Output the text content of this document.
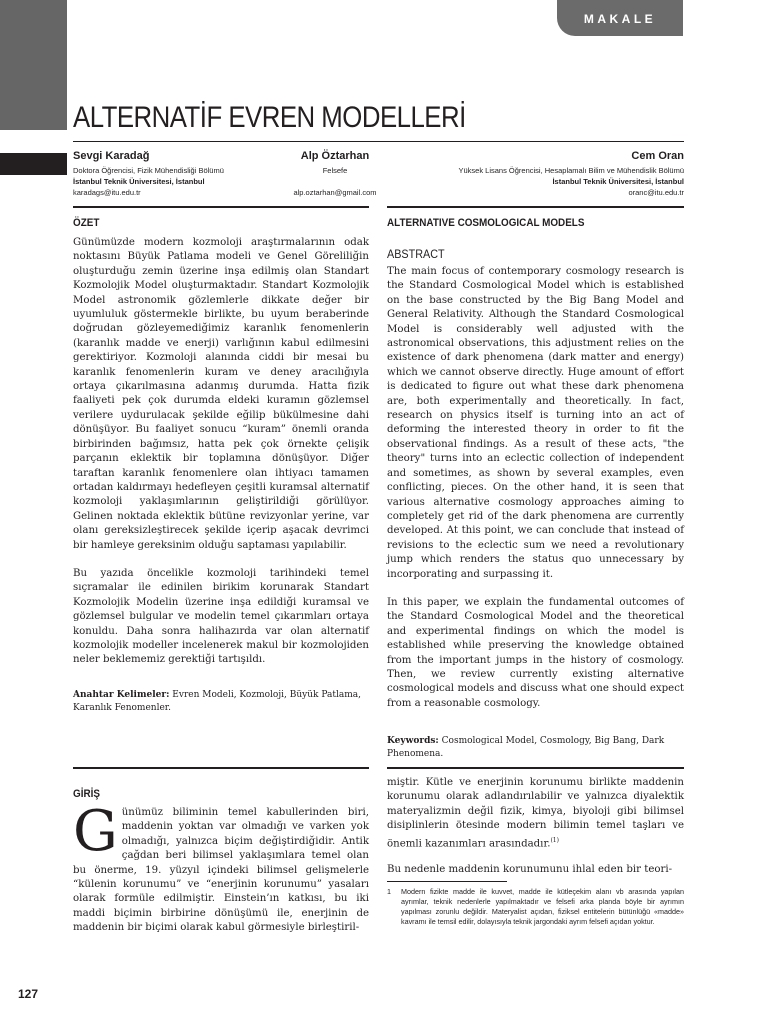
MAKALE
ALTERNATİF EVREN MODELLERİ
Sevgi Karadağ
Doktora Öğrencisi, Fizik Mühendisliği Bölümü
İstanbul Teknik Üniversitesi, İstanbul
karadags@itu.edu.tr
Alp Öztarhan
Felsefe
alp.oztarhan@gmail.com
Cem Oran
Yüksek Lisans Öğrencisi, Hesaplamalı Bilim ve Mühendislik Bölümü
İstanbul Teknik Üniversitesi, İstanbul
oranc@itu.edu.tr
ÖZET

Günümüzde modern kozmoloji araştırmalarının odak noktasını Büyük Patlama modeli ve Genel Göreliliğin oluşturduğu zemin üzerine inşa edilmiş olan Standart Kozmolojik Model oluşturmaktadır. Standart Kozmolojik Model astronomik gözlemlerle dikkate değer bir uyumluluk göstermekle birlikte, bu uyum beraberinde doğrudan gözleyemediğimiz karanlık fenomenlerin (karanlık madde ve enerji) varlığının kabul edilmesini gerektiriyor. Kozmoloji alanında ciddi bir mesai bu karanlık fenomenlerin kuram ve deney aracılığıyla ortaya çıkarılmasına adanmış durumda. Hatta fizik faaliyeti pek çok durumda eldeki kuramın gözlemsel verilere uydurulacak şekilde eğilip bükülmesine dahi dönüşüyor. Bu faaliyet sonucu “kuram” önemli oranda birbirinden bağımsız, hatta pek çok örnekte çelişik parçanın eklektik bir toplamına dönüşüyor. Diğer taraftan karanlık fenomenlere olan ihtiyacı tamamen ortadan kaldırmayı hedefleyen çeşitli kuramsal alternatif kozmoloji yaklaşımlarının geliştirildiği görülüyor. Gelinen noktada eklektik bütüne revizyonlar yerine, var olanı gereksizleştirecek şekilde içerip aşacak devrimci bir hamleye gereksinim olduğu saptaması yapılabilir.

Bu yazıda öncelikle kozmoloji tarihindeki temel sıçramalar ile edinilen birikim korunarak Standart Kozmolojik Modelin üzerine inşa edildiği kuramsal ve gözlemsel bulgular ve modelin temel çıkarımları ortaya konuldu. Daha sonra halihazırda var olan alternatif kozmolojik modeller incelenerek makul bir kozmolojiden neler beklememiz gerektiği tartışıldı.

Anahtar Kelimeler: Evren Modeli, Kozmoloji, Büyük Patlama, Karanlık Fenomenler.
ALTERNATIVE COSMOLOGICAL MODELS
ABSTRACT

The main focus of contemporary cosmology research is the Standard Cosmological Model which is established on the base constructed by the Big Bang Model and General Relativity. Although the Standard Cosmological Model is considerably well adjusted with the astronomical observations, this adjustment relies on the existence of dark phenomena (dark matter and energy) which we cannot observe directly. Huge amount of effort is dedicated to figure out what these dark phenomena are, both experimentally and theoretically. In fact, research on physics itself is turning into an act of deforming the interested theory in order to fit the observational findings. As a result of these acts, "the theory" turns into an eclectic collection of independent and sometimes, as shown by several examples, even conflicting, pieces. On the other hand, it is seen that various alternative cosmology approaches aiming to completely get rid of the dark phenomena are currently developed. At this point, we can conclude that instead of revisions to the eclectic sum we need a revolutionary jump which renders the status quo unnecessary by incorporating and surpassing it.

In this paper, we explain the fundamental outcomes of the Standard Cosmological Model and the theoretical and experimental findings on which the model is established while preserving the knowledge obtained from the important jumps in the history of cosmology. Then, we review currently existing alternative cosmological models and discuss what one should expect from a reasonable cosmology.

Keywords: Cosmological Model, Cosmology, Big Bang, Dark Phenomena.
GİRİŞ

Günümüz biliminin temel kabullerinden biri, maddenin yoktan var olmadığı ve varken yok olmadığı, yalnızca biçim değiştirdiğidir. Antik çağdan beri bilimsel yaklaşımlara temel olan bu önerme, 19. yüzyıl içindeki bilimsel gelişmelerle “külenin korunumu” ve “enerjinin korunumu” yasaları olarak formüle edilmiştir. Einstein’ın katkısı, bu iki maddi biçimin birbirine dönüşümü ile, enerjinin de maddenin bir biçimi olarak kabul görmesiyle birleştiril-

miştir. Kütle ve enerjinin korunumu birlikte maddenin korunumu olarak adlandırılabilir ve yalnızca diyalektik materyalizmin değil fizik, kimya, biyoloji gibi bilimsel disiplinlerin ötesinde modern bilimin temel taşları ve önemli kazanımları arasındadır.$^{(1)}$

Bu nedenle maddenin korunumunu ihlal eden bir teori-

1 Modern fizikte madde ile kuvvet, madde ile kütleçekim alanı vb arasında yapılan ayrımlar, teknik nedenlerle yapılmaktadır ve felsefi arka planda böyle bir ayrımın yapılması zorunlu değildir. Materyalist açıdan, fiziksel entitelerin bütünlüğü «madde» kavramı ile temsil edilir, dolayısıyla teknik jargondaki ayrım felsefi açıdan yoktur.
127
